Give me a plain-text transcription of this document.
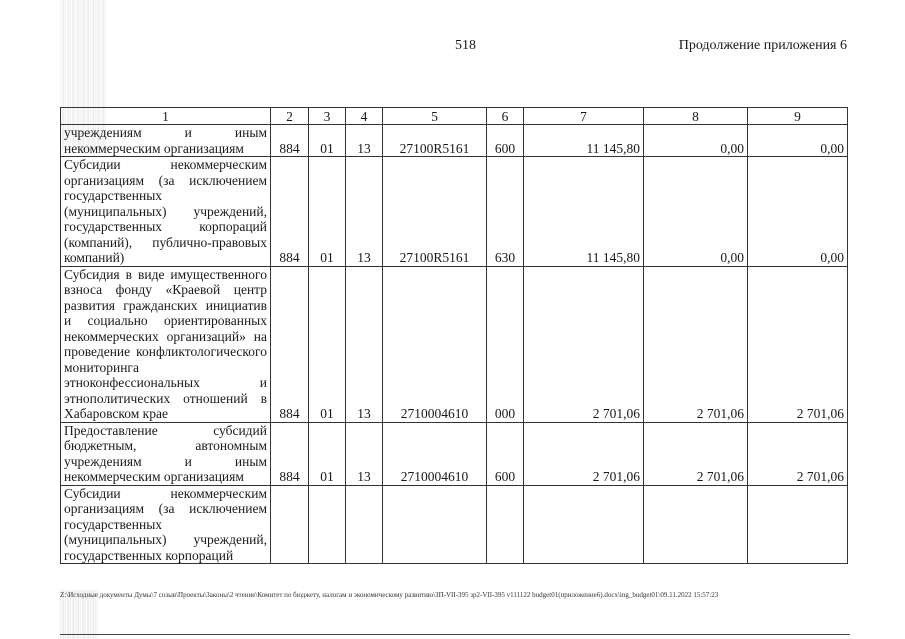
518	Продолжение приложения 6
1	2	3	4	5	6	7	8	9
учреждениям и иным некоммерческим организациям	884	01	13	27100R5161	600	11 145,80	0,00	0,00
Субсидии некоммерческим организациям (за исключением государственных (муниципальных) учреждений, государственных корпораций (компаний), публично-правовых компаний)	884	01	13	27100R5161	630	11 145,80	0,00	0,00
Субсидия в виде имущественного взноса фонду «Краевой центр развития гражданских инициатив и социально ориентированных некоммерческих организаций» на проведение конфликтологического мониторинга этноконфессиональных и этнополитических отношений в Хабаровском крае	884	01	13	2710004610	000	2 701,06	2 701,06	2 701,06
Предоставление субсидий бюджетным, автономным учреждениям и иным некоммерческим организациям	884	01	13	2710004610	600	2 701,06	2 701,06	2 701,06
Субсидии некоммерческим организациям (за исключением государственных (муниципальных) учреждений, государственных корпораций								
Z:\Исходные документы Думы\7 созыв\Проекты\Законы\2 чтение\Комитет по бюджету, налогам и экономическому развитию\ЗП-VII-395 зр2-VII-395 v111122 budget01(приложение6).docx\ing_budget01\09.11.2022 15:57:23
